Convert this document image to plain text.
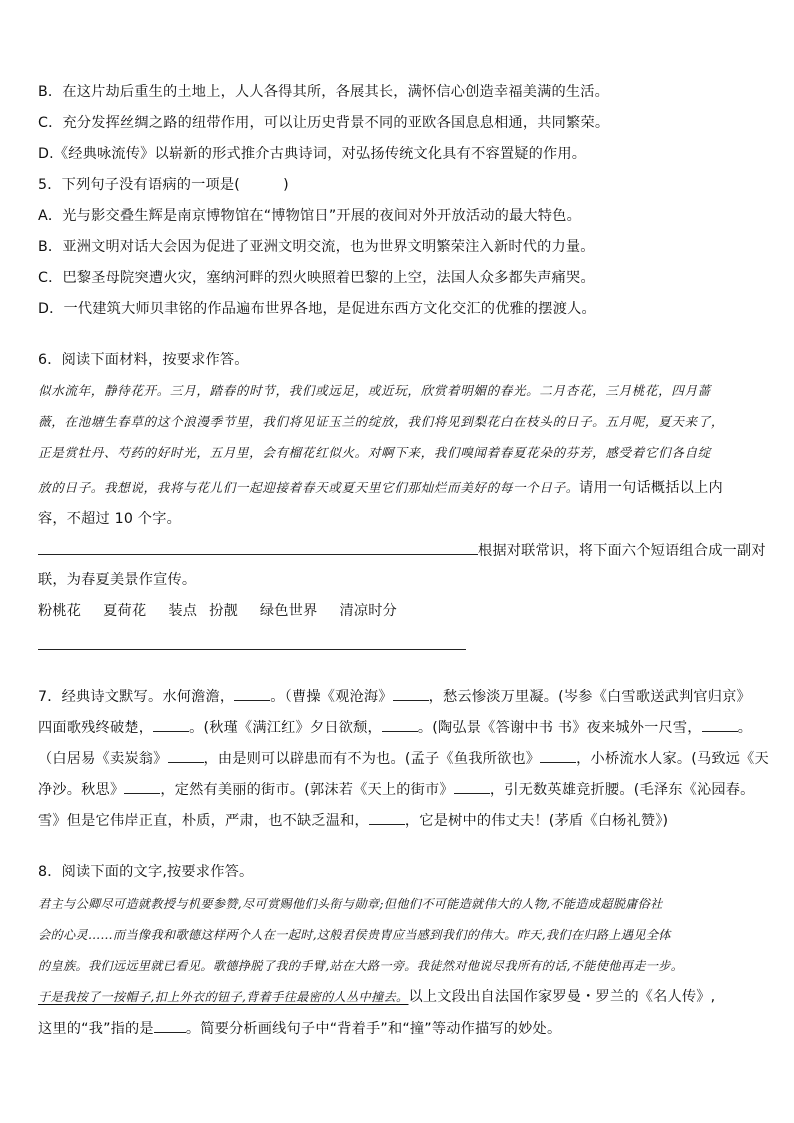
B．在这片劫后重生的土地上，人人各得其所，各展其长，满怀信心创造幸福美满的生活。
C．充分发挥丝绸之路的纽带作用，可以让历史背景不同的亚欧各国息息相通，共同繁荣。
D.《经典咏流传》以崭新的形式推介古典诗词，对弘扬传统文化具有不容置疑的作用。
5．下列句子没有语病的一项是(　　　)
A．光与影交叠生辉是南京博物馆在“博物馆日”开展的夜间对外开放活动的最大特色。
B．亚洲文明对话大会因为促进了亚洲文明交流，也为世界文明繁荣注入新时代的力量。
C．巴黎圣母院突遭火灾，塞纳河畔的烈火映照着巴黎的上空，法国人众多都失声痛哭。
D．一代建筑大师贝聿铭的作品遍布世界各地，是促进东西方文化交汇的优雅的摆渡人。
6．阅读下面材料，按要求作答。
似水流年，静待花开。三月，踏春的时节，我们或远足，或近玩，欣赏着明媚的春光。二月杏花，三月桃花，四月蔷
薇，在池塘生春草的这个浪漫季节里，我们将见证玉兰的绽放，我们将见到梨花白在枝头的日子。五月呢，夏天来了，
正是赏牡丹、芍药的好时光，五月里，会有榴花红似火。对啊下来，我们嗅闻着春夏花朵的芬芳，感受着它们各自绽
放的日子。我想说，我将与花儿们一起迎接着春天或夏天里它们那灿烂而美好的每一个日子。请用一句话概括以上内
容，不超过 10 个字。
根据对联常识，将下面六个短语组合成一副对
联，为春夏美景作宣传。
粉桃花 夏荷花 装点 扮靓 绿色世界 清凉时分
7．经典诗文默写。水何澹澹，	。（曹操《观沧海》	，愁云惨淡万里凝。(岑参《白雪歌送武判官归京》
四面歌残终破楚，	。(秋瑾《满江红》夕日欲颓，	。(陶弘景《答谢中书 书》夜来城外一尺雪，	。
（白居易《卖炭翁》	，由是则可以辟患而有不为也。(孟子《鱼我所欲也》	，小桥流水人家。(马致远《天
净沙。秋思》	，定然有美丽的街市。(郭沫若《天上的街市》	，引无数英雄竞折腰。(毛泽东《沁园春。
雪》但是它伟岸正直，朴质，严肃，也不缺乏温和，	，它是树中的伟丈夫！(茅盾《白杨礼赞》)
8．阅读下面的文字,按要求作答。
君主与公卿尽可造就教授与机要参赞,尽可赏赐他们头衔与勋章;但他们不可能造就伟大的人物,不能造成超脱庸俗社
会的心灵……而当像我和歌德这样两个人在一起时,这般君侯贵胄应当感到我们的伟大。昨天,我们在归路上遇见全体
的皇族。我们远远里就已看见。歌德挣脱了我的手臂,站在大路一旁。我徒然对他说尽我所有的话,不能使他再走一步。
于是我按了一按帽子,扣上外衣的钮子,背着手往最密的人丛中撞去。以上文段出自法国作家罗曼・罗兰的《名人传》,
这里的“我”指的是 。简要分析画线句子中“背着手”和“撞”等动作描写的妙处。
